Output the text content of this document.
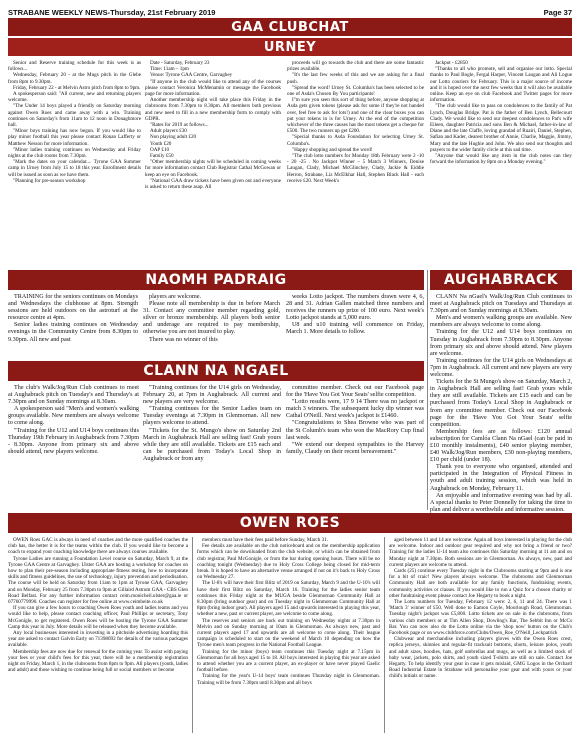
STRABANE WEEKLY NEWS-Thursday, 21st February 2019	Page 37
GAA CLUBCHAT
URNEY

Senior and Reserve training schedule for this week is as follows...

Wednesday, February 20 - at the Mugs pitch in the Glebe from 8pm to 9.30pm.

Friday, February 22 - at Melvin Astro pitch from 8pm to 9pm.

A spokesperson said: "All current, new and returning players welcome.

"The Under 14 boys played a friendly on Saturday morning against Owen Roes and came away with a win. Training continues on Saturday's from 11am to 12 noon in Donaghmore hall.

"Minor boys training has now begun. If you would like to play minor football this year please contact Ronan Lafferty or Matthew Nesson for more information.

"Minor ladies training continues on Wednesday and Friday nights at the club rooms from 7.30pm.

"Mark the dates on your calendar.... Tyrone GAA Summer camp in Urney from July 15 to 18 this year. Enrollment details will be issued as soon as we have them.

"Planning for pre-season workshop

Date - Saturday, February 23

Time: 11am – 1pm

Venue: Tyrone GAA Centre, Garvaghey

"If anyone in the club would like to attend any of the courses please contact Veronica McMenamin or message the Facebook page for more information.

Another membership night will take place this Friday in the clubrooms from 7.30pm to 8.30pm. All members both previous and new need to fill in a new membership form to comply with GDPR.

"Rates for 2019 as follows...

Adult players £30

Non playing adult £20

Youth £20

OAP £10

Family £50

"Other membership nights will be scheduled in coming weeks for more information contact Club Registrar Cathal McGowan or keep an eye on Facebook.

"National GAA draw tickets have been given out and everyone is asked to return these asap. All

proceeds will go towards the club and there are some fantastic prizes available.

"It's the last few weeks of this and we are asking for a final push.

"Spread the word! Urney St. Columba's has been selected to be one of Asda's Chosen By You participants!

I"m sure you seen this sort of thing before, anyone shopping at Asda gets given tokens (please ask for some if they're not handed over, feel free to ask for lots!) and one of the clear boxes you can put your tokens in is for Urney. At the end of the competition whichever of the three causes has the most tokens get a cheque for £500. The two runners up get £200.

"Special thanks to Asda Foundation for selecting Urney St. Columba's.

"Happy shopping and spread the word!

"The club lotto numbers for Monday 18th February were 2 -10 - 20 -25 . No Jackpot Winner – 5 Match 3 Winners, Denise Laugan, Clady, Michael McGlinchey, Clady, Jackie & Eiddie Herron, Strabane, Liz McElkhar Hall, Stephen Black Hall - each receive £20. Next Week's

Jackpot - £2850

"Thanks to all who promote, sell and organise our lotto. Special thanks to Paul Bogle, Fergal Harper, Vincent Laugan and Ali Logue our Lotto couriers for February. This is a major source of income and it is hoped over the next few weeks that it will also be available online. Keep an eye on club Facebook and Twitter pages for more information.

"The club would like to pass on condolences to the family of Pat Lynch, Douglas Bridge. Pat is the father of Ben Lynch, Bellecourt Clady. We would like to send our deepest condolences to Pat's wife Eileen, daughter Patricia and sons Ben & Michael, father-in-law of Diane and the late Claffe, loving grandad of Ruairi, Daniel, Stephen, Safian and Kader, dearest brother of Annie, Charlie, Maggie, Jimmy, Mary and the late Hughie and John. We also send our thoughts and prayers to the wider family circle at this sad time.

"Anyone that would like any item in the club notes can they forward the information by 8pm on a Monday evening."

NAOMH PADRAIG

TRAINING for the seniors continues on Mondays and Wednesdays the clubhouse at 8pm. Strength sessions are held outdoors on the astroturf at the resource centre at 4pm.

Senior ladies training continues on Wednesday evenings in the Community Centre from 8.30pm to 9.30pm. All new and past

players are welcome.

Please note all membership is due in before March 31. Contact any committee member regarding gold, silver or bronze membership. All players both senior and underage are required to pay membership, otherwise you are not insured to play.

There was no winner of this

weeks Lotto jackpot. The numbers drawn were 4, 6, 28 and 31. Adrian Gallen matched three numbers and receives the runners up prize of 100 euro. Next week's Lotto jackpot stands at 5,000 euro.

U8 and u10 training will commence on Friday, March 1. More details to follow.

AUGHABRACK

CLANN Na nGael's Walk/Jog/Run Club continues to meet at Aughabrack pitch on Tuesdays and Thursdays at 7.30pm and on Sunday mornings at 8.30am.

Men's and women's walking groups are available. New members are always welcome to come along.

Training for the U12 and U14 boys continues on Tuesday in Aughabrack from 7.30pm to 8.30pm. Anyone from primary six and above should attend. New players are welcome.

Training continues for the U14 girls on Wednesdays at 7pm in Aughabrack. All current and new players are very welcome.

Tickets for the St Mungo's show on Saturday, March 2, in Aughabrack Hall are selling fast! Grab yours while they are still available. Tickets are £15 each and can be purchased from Today's Local Shop in Aughabrack or from any committee member. Check out our Facebook page for the 'Have You Got Your Seats' selfie competition.

Membership fees are as follows: £120 annual subscription for Camlóa Clann Na nGael (can be paid in £10 monthly instalments), £40 senior playing member, £40 Walk/Jog/Run members, £30 non-playing members, £10 per child (under 18).

Thank you to everyone who organised, attended and participated in the Integration of Physical Fitness in youth and adult training session, which was held in Aughabrack on Monday, February 11.

An enjoyable and informative evening was had by all. A special thanks to Peter Donnelly for taking the time to plan and deliver a worthwhile and informative session.

CLANN NA NGAEL

The club's Walk/Jog/Run Club continues to meet at Aughabrack pitch on Tuesday's and Thursday's at 7.30pm and on Sunday mornings at 8.30am.

A spokesperson said "Men's and women's walking groups available. New members are always welcome to come along.

"Training for the U12 and U14 boys continues this Thursday 19th February in Aughabrack from 7.30pm - 8.30pm. Anyone from primary six and above should attend, new players welcome.

"Training continues for the U14 girls on Wednesday, February 20, at 7pm in Aughabrack. All current and new players are very welcome.

"Training continues for the Senior Ladies team on Tuesday evenings at 7.30pm in Glenmornan. All new players welcome to attend.

"Tickets for the St. Mungo's show on Saturday 2nd March in Aughabrack Hall are selling fast! Grab yours while they are still available. Tickets are £15 each and can be purchased from Today's Local Shop in Aughabrack or from any

committee member. Check out our Facebook page for the 'Have You Got Your Seats' selfie competition.

"Lotto results were, 17 9 14 There was no jackpot or match 3 winners. The subsequent lucky dip winner was Cathal O'Neill. Next week's jackpot is £1460.

"Congratulations to Shea Browne who was part of the St Columb's team who won the MacRory Cup final last week.

"We extend our deepest sympathies to the Harvey family, Claudy on their recent bereavement."

OWEN ROES

OWEN Roes GAC is always in need of coaches and the more qualified coaches the club has, the better it is for the teams within the club. If you would like to become a coach to expand your coaching knowledge there are always courses available.

Tyrone Ladies are running a Foundation Level course on Saturday, March 9, at the Tyrone GAA Centre at Garvaghey. Ulster GAA are hosting a workshop for coaches on how to plan their pre-season including appropriate fitness testing, how to incorporate skills and fitness guidelines, the use of technology, injury prevention and periodisation. The course will be held on Saturday from 11am to 1pm at Tyrone GAA, Garvaghey and on Monday, February 25 from 7.30pm to 9pm at Gillaird Astrum GAA - CBS Glen Road Belfast. For any further information contact ceim.monicheil.ulster@gaa.ie or 07760779990. Coaches can register for free online at www.ceimbeite.co.uk

If you can give a few hours to coaching Owen Roes youth and ladies teams and you would like to help, please contact coaching officer, Paul Phillips or secretary, Tony McGonigle, to get registered. Owen Roes will be hosting the Tyrone GAA Summer Camp this year in July. More details will be released when they become available.

Any local businesses interested in investing in a pitchside advertising hoarding this year are asked to contact Galvin Early on 71398692 for details of the various packages available.

Membership fees are now due for renewal for the coming year. To assist with paying your fees or your child's fees for this year, there will be a membership registration night on Friday, March 1, in the clubrooms from 8pm to 9pm. All players (youth, ladies and adult) and those wishing to continue being full or social members or become

members must have their fees paid before Sunday, March 31.

Fee details are available on the club noticeboard and on the membership application forms which can be downloaded from the club website, or which can be obtained from club registrar, Paul McGonigle, or from the bar during opening hours. There will be no coaching tonight (Wednesday) due to Holy Cross College being closed for mid-term break. It is hoped to have an alternative venue arranged if not on it's back to Holy Cross on Wednesday 27.

The U-8's will have their first Blitz of 2019 on Saturday, March 9 and the U-10's will have their first Blitz on Saturday, March 16. Training for the ladies senior team continues this Friday night at the MUGA beside Glenmornan Community Hall at 8.30pm (bring outdoor gear) and on Tuesday night in Glenmornan Community Hall at 8pm (bring indoor gear). All players aged 15 and upwards interested in playing this year, whether a new, past or current player, are welcome to come along.

The reserves and seniors are back out training on Wednesday nights at 7.30pm in Melvin and on Sunday morning at 10am in Glenmornan. As always new, past and current players aged 17 and upwards are all welcome to come along. Their league campaign is scheduled to start on the weekend of March 10 depending on how the Tyrone men's team progress in the National Football League.

Training for the minor (boys) team continues this Tuesday night at 7.15pm in Glenmornan for all boys aged 15 to 18. All boys interested in playing this year are asked to attend whether you are a current player, an ex-player or have never played Gaelic football before.

Training for the year's U-14 boys' team continues Thursday night in Glenmornan. Training will be from 7.30pm until 8.30pm and all boys

aged between 11 and 14 are welcome. Again all boys interested in playing for the club are welcome. Indoor and outdoor gear required and why not bring a friend or two? Training for the ladies U-14 team also continues this Saturday morning at 11 am and on Monday night at 7.30pm. Both sessions are in Glenmornan. As always, new, past and current players are welcome to attend.

Cards (25) continue every Tuesday night in the Clubrooms starting at 9pm and is one for a bit of craic! New players always welcome. The clubrooms and Glenmornan Community Hall are both available for any family functions, fundraising events, community activities or classes. If you would like to run a Quiz for a chosen charity or other fundraising event please contact Joe Hegarty to book a night.

The Lotto numbers for Tuesday, February 12 were: 2, 6, 11 and 24. There was 1 'Match 3' winner of £50. Well done to Eamon Coyle, Moorlough Road, Glenmornan. Tuesday night's jackpot was £5,800. Lotto tickets are on sale in the clubrooms, from various club members or at Tim Allen Shop, Dowling's Bar, The Sebbit Inn or McCs Bar. You can now also do the Lotto online via the 'shop now' button on the Club's Facebook page or on www.clubforce.com/Clubs/Owen_Roe_O'Neill_Leckpatrick

Clubwear and merchandise including players gloves with the Owen Roes crest, replica jerseys, skinnies and regular-fit tracksuit bottoms, shorts, leisure polos, youth and adult sizes, hoodies, hats, golf umbrellas and mugs, as well as a limited stock of baby wear, jackets, polo shirts, and youth sized T-shirts are still on sale. Contact Joe Hegarty. To help identify your gear in case it gets mislaid, GMG Logos in the Orchard Road Industrial Estate in Strabane will personalise your gear and with yours or your child's initials or name.
